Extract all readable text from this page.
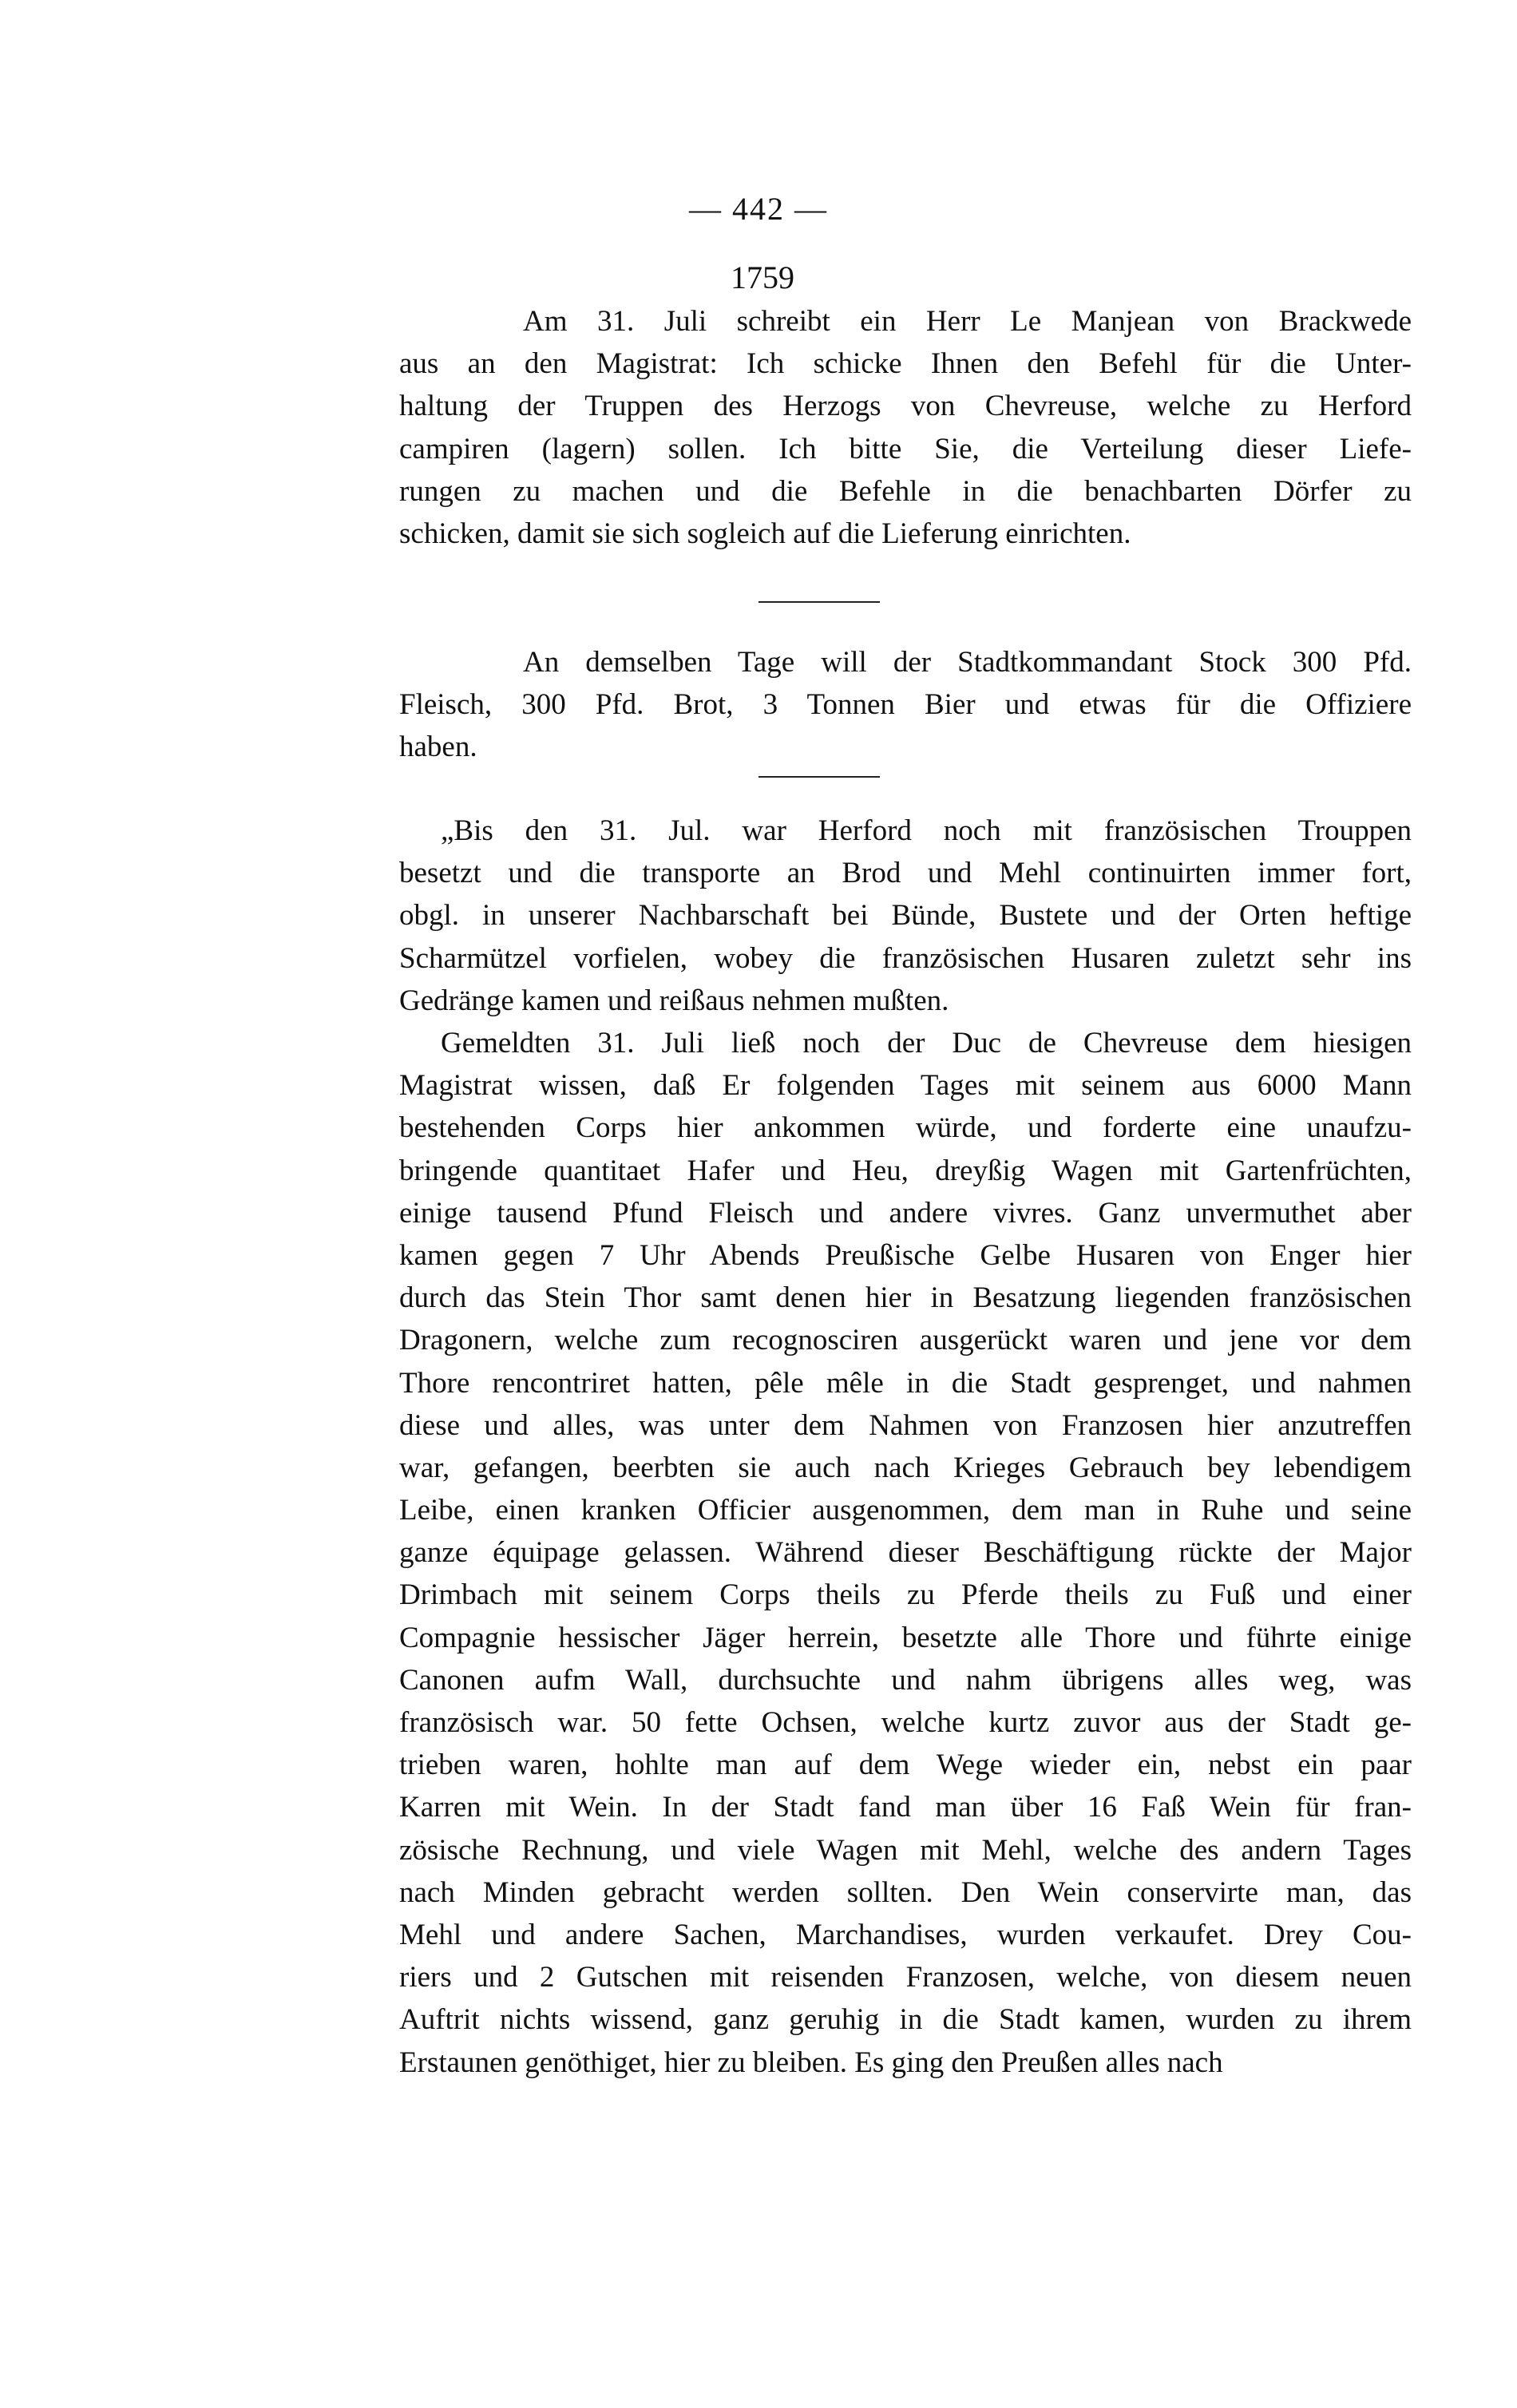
— 442 —
1759
Am 31. Juli schreibt ein Herr Le Manjean von Brackwede
aus an den Magistrat: Ich schicke Ihnen den Befehl für die Unter-
haltung der Truppen des Herzogs von Chevreuse, welche zu Herford
campiren (lagern) sollen. Ich bitte Sie, die Verteilung dieser Liefe-
rungen zu machen und die Befehle in die benachbarten Dörfer zu
schicken, damit sie sich sogleich auf die Lieferung einrichten.
An demselben Tage will der Stadtkommandant Stock 300 Pfd.
Fleisch, 300 Pfd. Brot, 3 Tonnen Bier und etwas für die Offiziere
haben.
„Bis den 31. Jul. war Herford noch mit französischen Trouppen
besetzt und die transporte an Brod und Mehl continuirten immer fort,
obgl. in unserer Nachbarschaft bei Bünde, Bustete und der Orten heftige
Scharmützel vorfielen, wobey die französischen Husaren zuletzt sehr ins
Gedränge kamen und reißaus nehmen mußten.
Gemeldten 31. Juli ließ noch der Duc de Chevreuse dem hiesigen
Magistrat wissen, daß Er folgenden Tages mit seinem aus 6000 Mann
bestehenden Corps hier ankommen würde, und forderte eine unaufzu-
bringende quantitaet Hafer und Heu, dreyßig Wagen mit Gartenfrüchten,
einige tausend Pfund Fleisch und andere vivres. Ganz unvermuthet aber
kamen gegen 7 Uhr Abends Preußische Gelbe Husaren von Enger hier
durch das Stein Thor samt denen hier in Besatzung liegenden französischen
Dragonern, welche zum recognosciren ausgerückt waren und jene vor dem
Thore rencontriret hatten, pêle mêle in die Stadt gesprenget, und nahmen
diese und alles, was unter dem Nahmen von Franzosen hier anzutreffen
war, gefangen, beerbten sie auch nach Krieges Gebrauch bey lebendigem
Leibe, einen kranken Officier ausgenommen, dem man in Ruhe und seine
ganze équipage gelassen. Während dieser Beschäftigung rückte der Major
Drimbach mit seinem Corps theils zu Pferde theils zu Fuß und einer
Compagnie hessischer Jäger herrein, besetzte alle Thore und führte einige
Canonen aufm Wall, durchsuchte und nahm übrigens alles weg, was
französisch war. 50 fette Ochsen, welche kurtz zuvor aus der Stadt ge-
trieben waren, hohlte man auf dem Wege wieder ein, nebst ein paar
Karren mit Wein. In der Stadt fand man über 16 Faß Wein für fran-
zösische Rechnung, und viele Wagen mit Mehl, welche des andern Tages
nach Minden gebracht werden sollten. Den Wein conservirte man, das
Mehl und andere Sachen, Marchandises, wurden verkaufet. Drey Cou-
riers und 2 Gutschen mit reisenden Franzosen, welche, von diesem neuen
Auftrit nichts wissend, ganz geruhig in die Stadt kamen, wurden zu ihrem
Erstaunen genöthiget, hier zu bleiben. Es ging den Preußen alles nach
